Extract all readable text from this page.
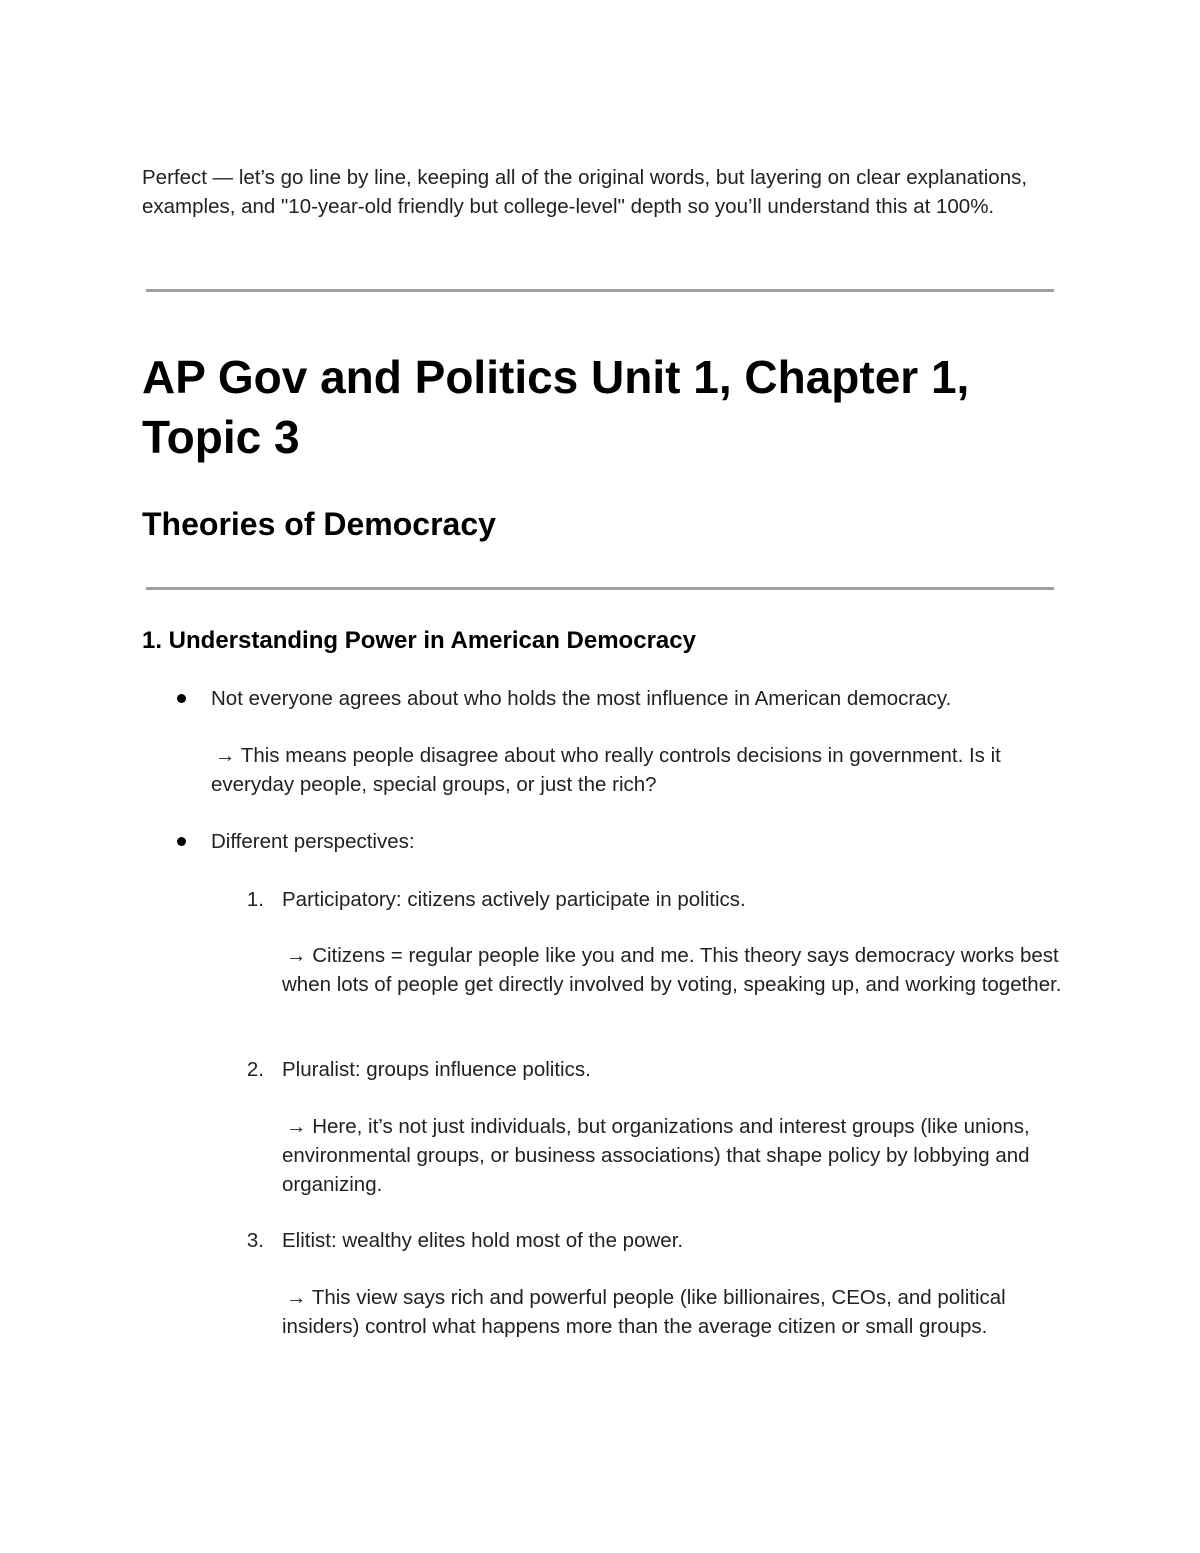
Perfect — let’s go line by line, keeping all of the original words, but layering on clear explanations, examples, and "10-year-old friendly but college-level" depth so you’ll understand this at 100%.

AP Gov and Politics Unit 1, Chapter 1, Topic 3
Theories of Democracy
1. Understanding Power in American Democracy

Not everyone agrees about who holds the most influence in American democracy.

→ This means people disagree about who really controls decisions in government. Is it everyday people, special groups, or just the rich?

Different perspectives:

1. Participatory: citizens actively participate in politics.

→ Citizens = regular people like you and me. This theory says democracy works best when lots of people get directly involved by voting, speaking up, and working together.

2. Pluralist: groups influence politics.

→ Here, it’s not just individuals, but organizations and interest groups (like unions, environmental groups, or business associations) that shape policy by lobbying and organizing.

3. Elitist: wealthy elites hold most of the power.

→ This view says rich and powerful people (like billionaires, CEOs, and political insiders) control what happens more than the average citizen or small groups.
